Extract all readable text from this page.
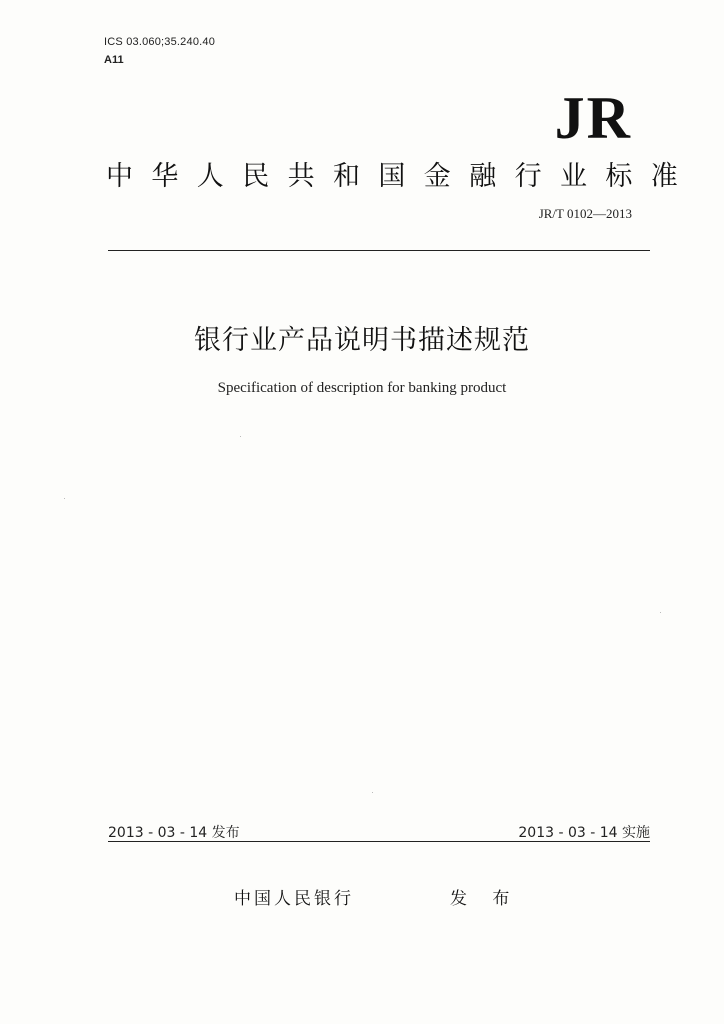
ICS 03.060;35.240.40
A11
JR
中华人民共和国金融行业标准
JR/T 0102—2013
银行业产品说明书描述规范
Specification of description for banking product
2013 - 03 - 14 发布	2013 - 03 - 14 实施
中国人民银行	发 布
